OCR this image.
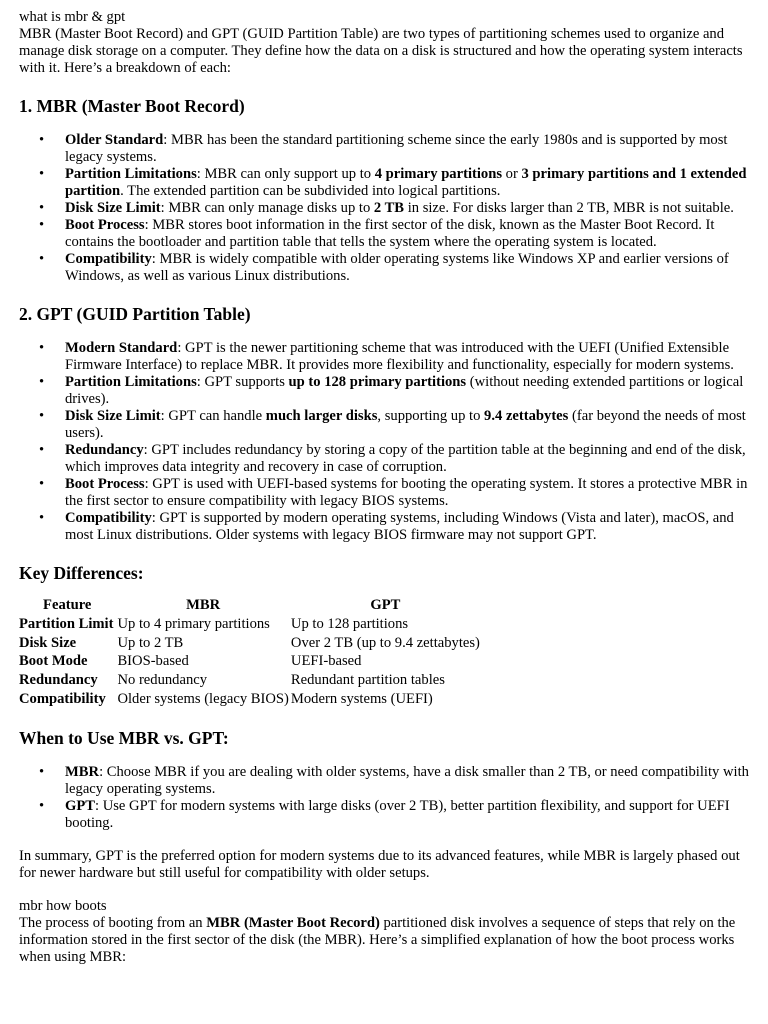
what is mbr & gpt

MBR (Master Boot Record) and GPT (GUID Partition Table) are two types of partitioning schemes used to organize and manage disk storage on a computer. They define how the data on a disk is structured and how the operating system interacts with it. Here’s a breakdown of each:

1. MBR (Master Boot Record)
• Older Standard: MBR has been the standard partitioning scheme since the early 1980s and is supported by most legacy systems.
• Partition Limitations: MBR can only support up to 4 primary partitions or 3 primary partitions and 1 extended partition. The extended partition can be subdivided into logical partitions.
• Disk Size Limit: MBR can only manage disks up to 2 TB in size. For disks larger than 2 TB, MBR is not suitable.
• Boot Process: MBR stores boot information in the first sector of the disk, known as the Master Boot Record. It contains the bootloader and partition table that tells the system where the operating system is located.
• Compatibility: MBR is widely compatible with older operating systems like Windows XP and earlier versions of Windows, as well as various Linux distributions.
2. GPT (GUID Partition Table)
• Modern Standard: GPT is the newer partitioning scheme that was introduced with the UEFI (Unified Extensible Firmware Interface) to replace MBR. It provides more flexibility and functionality, especially for modern systems.
• Partition Limitations: GPT supports up to 128 primary partitions (without needing extended partitions or logical drives).
• Disk Size Limit: GPT can handle much larger disks, supporting up to 9.4 zettabytes (far beyond the needs of most users).
• Redundancy: GPT includes redundancy by storing a copy of the partition table at the beginning and end of the disk, which improves data integrity and recovery in case of corruption.
• Boot Process: GPT is used with UEFI-based systems for booting the operating system. It stores a protective MBR in the first sector to ensure compatibility with legacy BIOS systems.
• Compatibility: GPT is supported by modern operating systems, including Windows (Vista and later), macOS, and most Linux distributions. Older systems with legacy BIOS firmware may not support GPT.
Key Differences:
Feature	MBR	GPT
Partition Limit	Up to 4 primary partitions	Up to 128 partitions
Disk Size	Up to 2 TB	Over 2 TB (up to 9.4 zettabytes)
Boot Mode	BIOS-based	UEFI-based
Redundancy	No redundancy	Redundant partition tables
Compatibility	Older systems (legacy BIOS)	Modern systems (UEFI)
When to Use MBR vs. GPT:
• MBR: Choose MBR if you are dealing with older systems, have a disk smaller than 2 TB, or need compatibility with legacy operating systems.
• GPT: Use GPT for modern systems with large disks (over 2 TB), better partition flexibility, and support for UEFI booting.

In summary, GPT is the preferred option for modern systems due to its advanced features, while MBR is largely phased out for newer hardware but still useful for compatibility with older setups.

mbr how boots

The process of booting from an MBR (Master Boot Record) partitioned disk involves a sequence of steps that rely on the information stored in the first sector of the disk (the MBR). Here’s a simplified explanation of how the boot process works when using MBR:
